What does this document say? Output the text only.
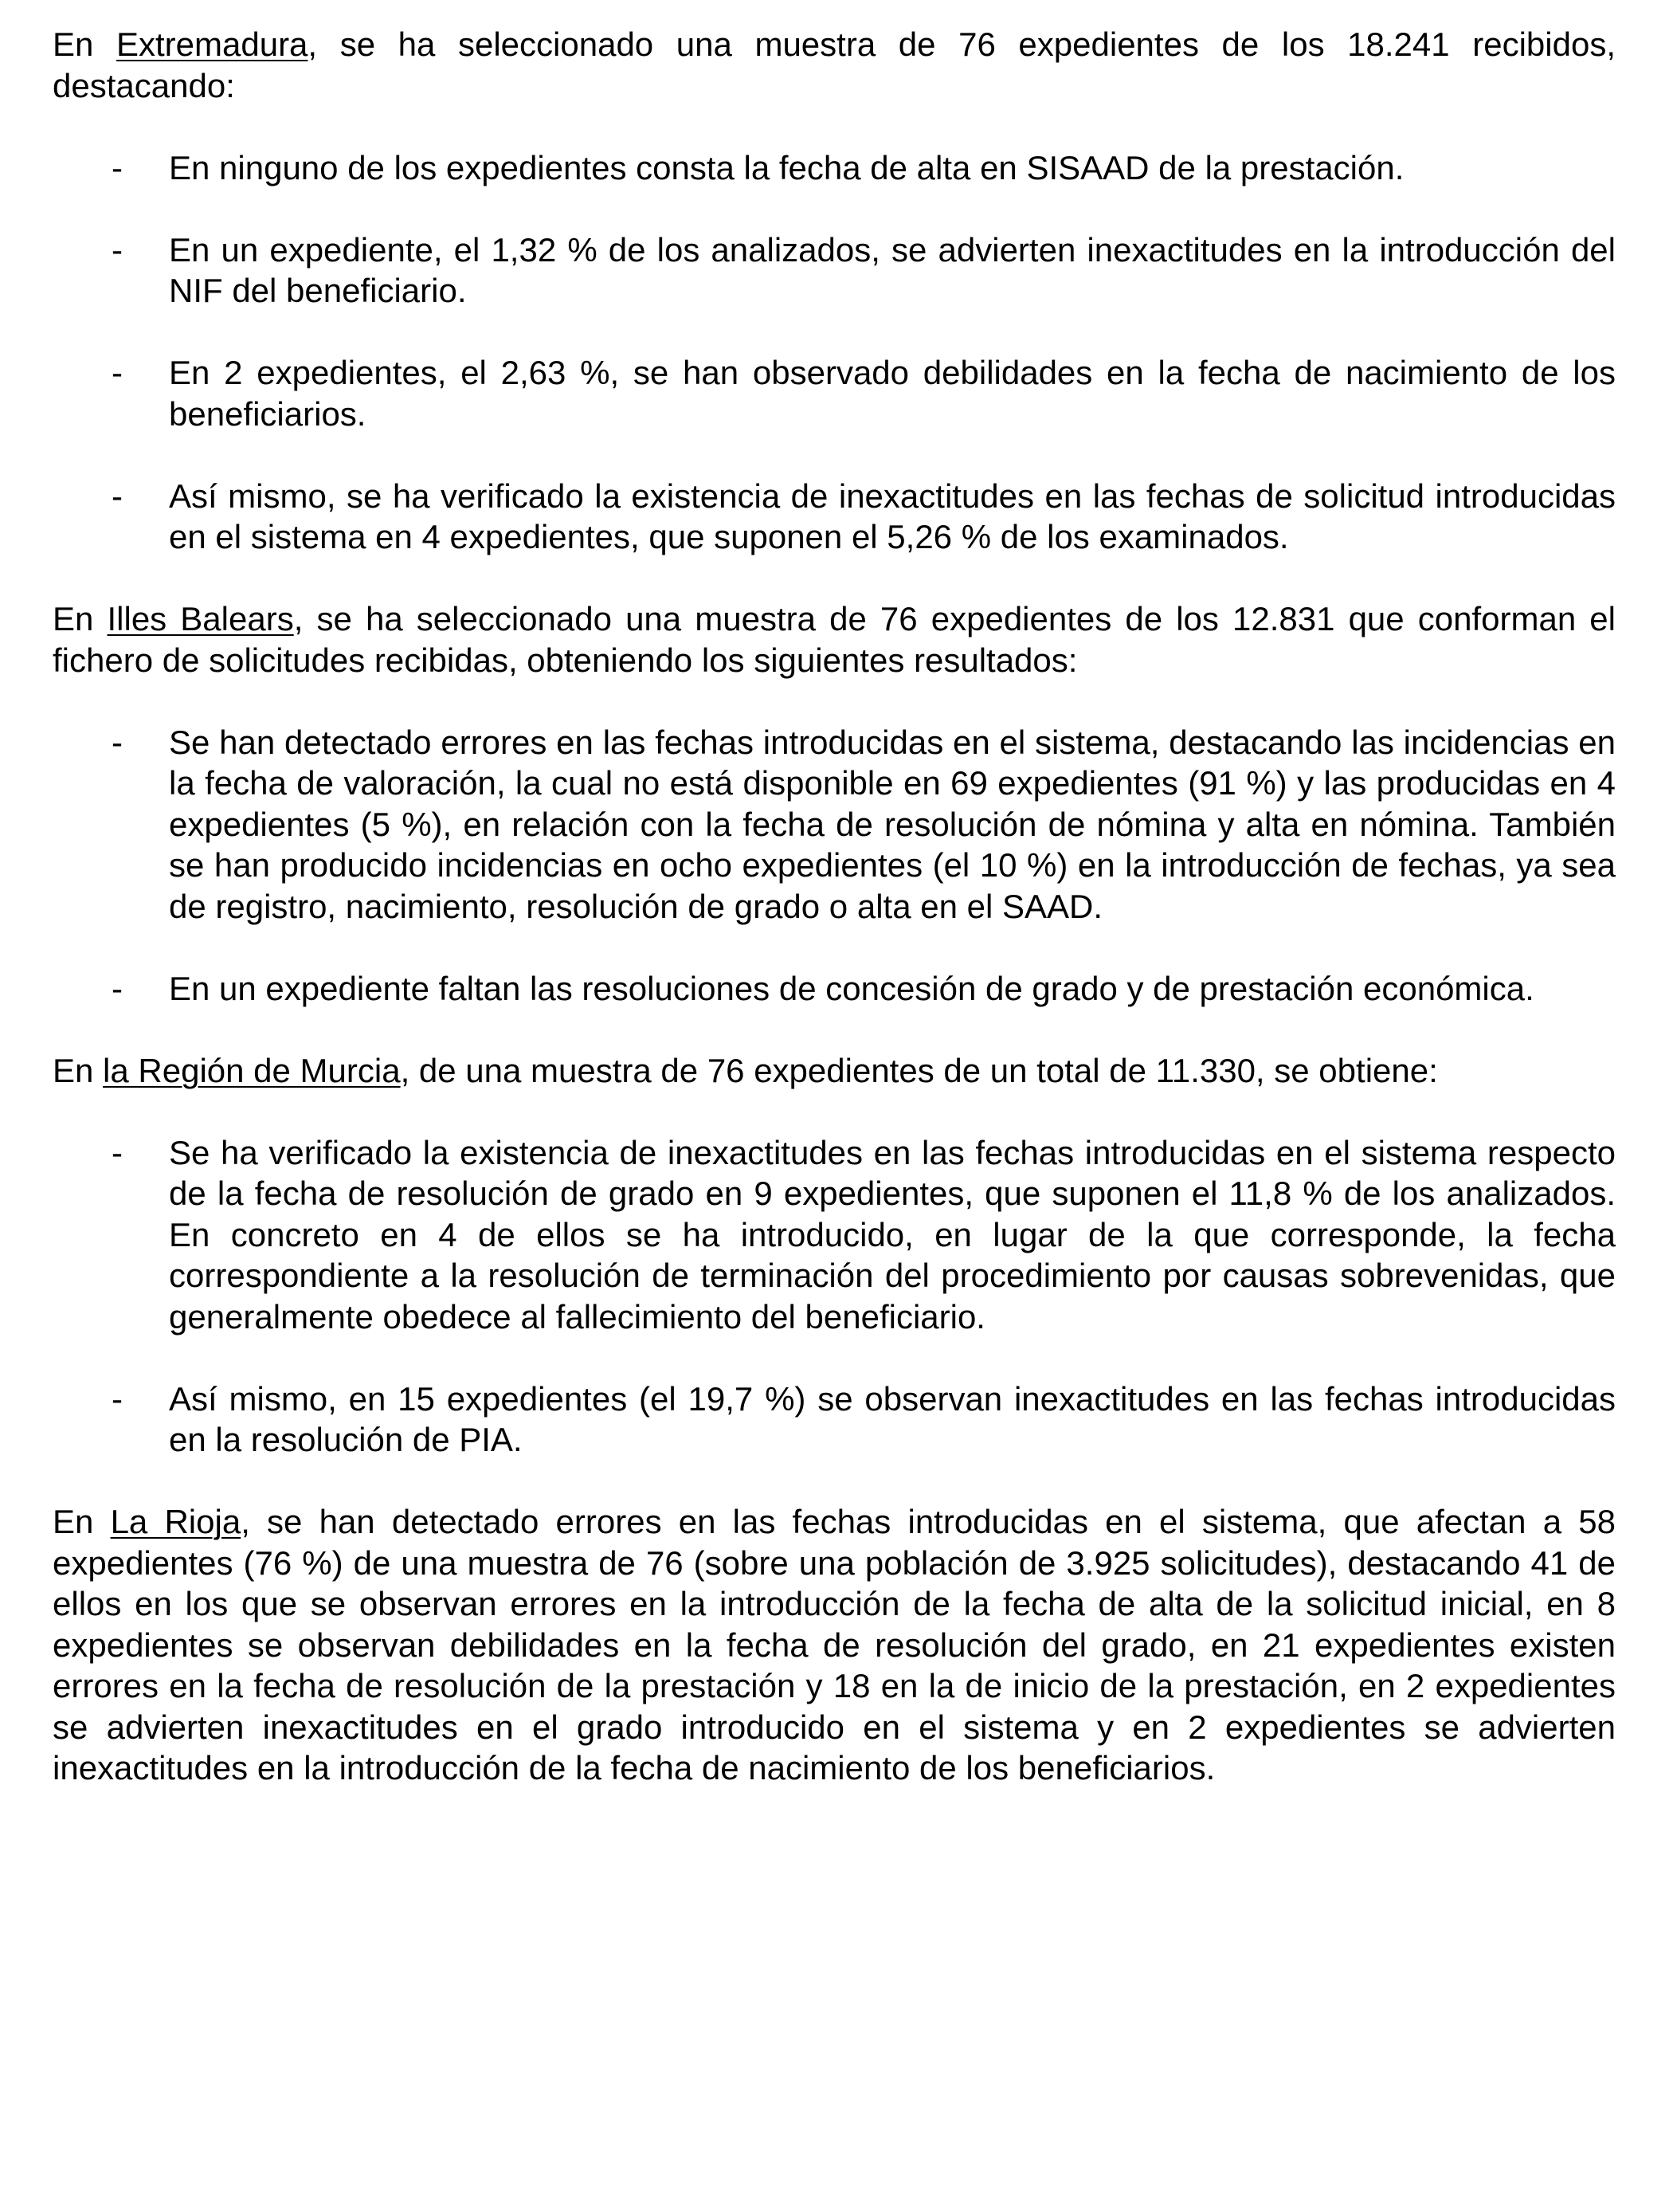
En Extremadura, se ha seleccionado una muestra de 76 expedientes de los 18.241 recibidos, destacando:

- En ninguno de los expedientes consta la fecha de alta en SISAAD de la prestación.
- En un expediente, el 1,32 % de los analizados, se advierten inexactitudes en la introducción del NIF del beneficiario.
- En 2 expedientes, el 2,63 %, se han observado debilidades en la fecha de nacimiento de los beneficiarios.
- Así mismo, se ha verificado la existencia de inexactitudes en las fechas de solicitud introducidas en el sistema en 4 expedientes, que suponen el 5,26 % de los examinados.

En Illes Balears, se ha seleccionado una muestra de 76 expedientes de los 12.831 que conforman el fichero de solicitudes recibidas, obteniendo los siguientes resultados:

- Se han detectado errores en las fechas introducidas en el sistema, destacando las incidencias en la fecha de valoración, la cual no está disponible en 69 expedientes (91 %) y las producidas en 4 expedientes (5 %), en relación con la fecha de resolución de nómina y alta en nómina. También se han producido incidencias en ocho expedientes (el 10 %) en la introducción de fechas, ya sea de registro, nacimiento, resolución de grado o alta en el SAAD.
- En un expediente faltan las resoluciones de concesión de grado y de prestación económica.

En la Región de Murcia, de una muestra de 76 expedientes de un total de 11.330, se obtiene:

- Se ha verificado la existencia de inexactitudes en las fechas introducidas en el sistema respecto de la fecha de resolución de grado en 9 expedientes, que suponen el 11,8 % de los analizados. En concreto en 4 de ellos se ha introducido, en lugar de la que corresponde, la fecha correspondiente a la resolución de terminación del procedimiento por causas sobrevenidas, que generalmente obedece al fallecimiento del beneficiario.
- Así mismo, en 15 expedientes (el 19,7 %) se observan inexactitudes en las fechas introducidas en la resolución de PIA.

En La Rioja, se han detectado errores en las fechas introducidas en el sistema, que afectan a 58 expedientes (76 %) de una muestra de 76 (sobre una población de 3.925 solicitudes), destacando 41 de ellos en los que se observan errores en la introducción de la fecha de alta de la solicitud inicial, en 8 expedientes se observan debilidades en la fecha de resolución del grado, en 21 expedientes existen errores en la fecha de resolución de la prestación y 18 en la de inicio de la prestación, en 2 expedientes se advierten inexactitudes en el grado introducido en el sistema y en 2 expedientes se advierten inexactitudes en la introducción de la fecha de nacimiento de los beneficiarios.
